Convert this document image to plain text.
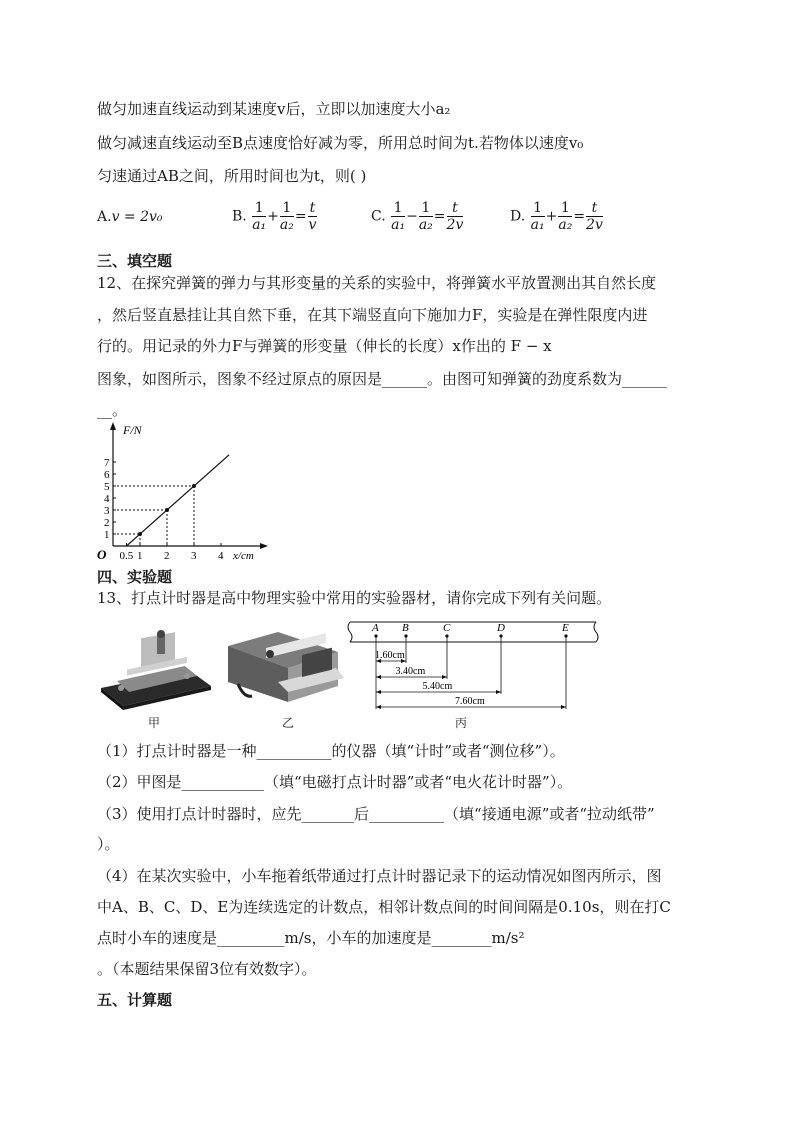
做匀加速直线运动到某速度v后，立即以加速度大小a₂
做匀减速直线运动至B点速度恰好减为零，所用总时间为t.若物体以速度v₀
匀速通过AB之间，所用时间也为t，则( )
A.v = 2v₀	B. $\frac{1}{\text{a₁}} + \frac{1}{\text{a₂}} = \frac{t}{v}$	C. $\frac{1}{\text{a₁}} - \frac{1}{\text{a₂}} = \frac{t}{2v}$	D. $\frac{1}{\text{a₁}} + \frac{1}{\text{a₂}} = \frac{t}{2v}$
三、填空题
12、在探究弹簧的弹力与其形变量的关系的实验中，将弹簧水平放置测出其自然长度
，然后竖直悬挂让其自然下垂，在其下端竖直向下施加力F，实验是在弹性限度内进
行的。用记录的外力F与弹簧的形变量（伸长的长度）x作出的 F − x
图象，如图所示，图象不经过原点的原因是______。由图可知弹簧的劲度系数为______
__。
F/N
x/cm
O
1
2
3
4
5
6
7
0.5 1 2 3 4
四、实验题
13、打点计时器是高中物理实验中常用的实验器材，请你完成下列有关问题。
甲	乙
A B	C	D	E
1.60cm
3.40cm
5.40cm
7.60cm
丙
（1）打点计时器是一种__________的仪器（填“计时”或者“测位移”）。
（2）甲图是___________（填“电磁打点计时器”或者“电火花计时器”）。
（3）使用打点计时器时，应先_______后__________（填“接通电源”或者“拉动纸带”
）。
（4）在某次实验中，小车拖着纸带通过打点计时器记录下的运动情况如图丙所示，图
中A、B、C、D、E为连续选定的计数点，相邻计数点间的时间间隔是0.10s，则在打C
点时小车的速度是_________m/s，小车的加速度是________m/s²
。（本题结果保留3位有效数字）。
五、计算题
